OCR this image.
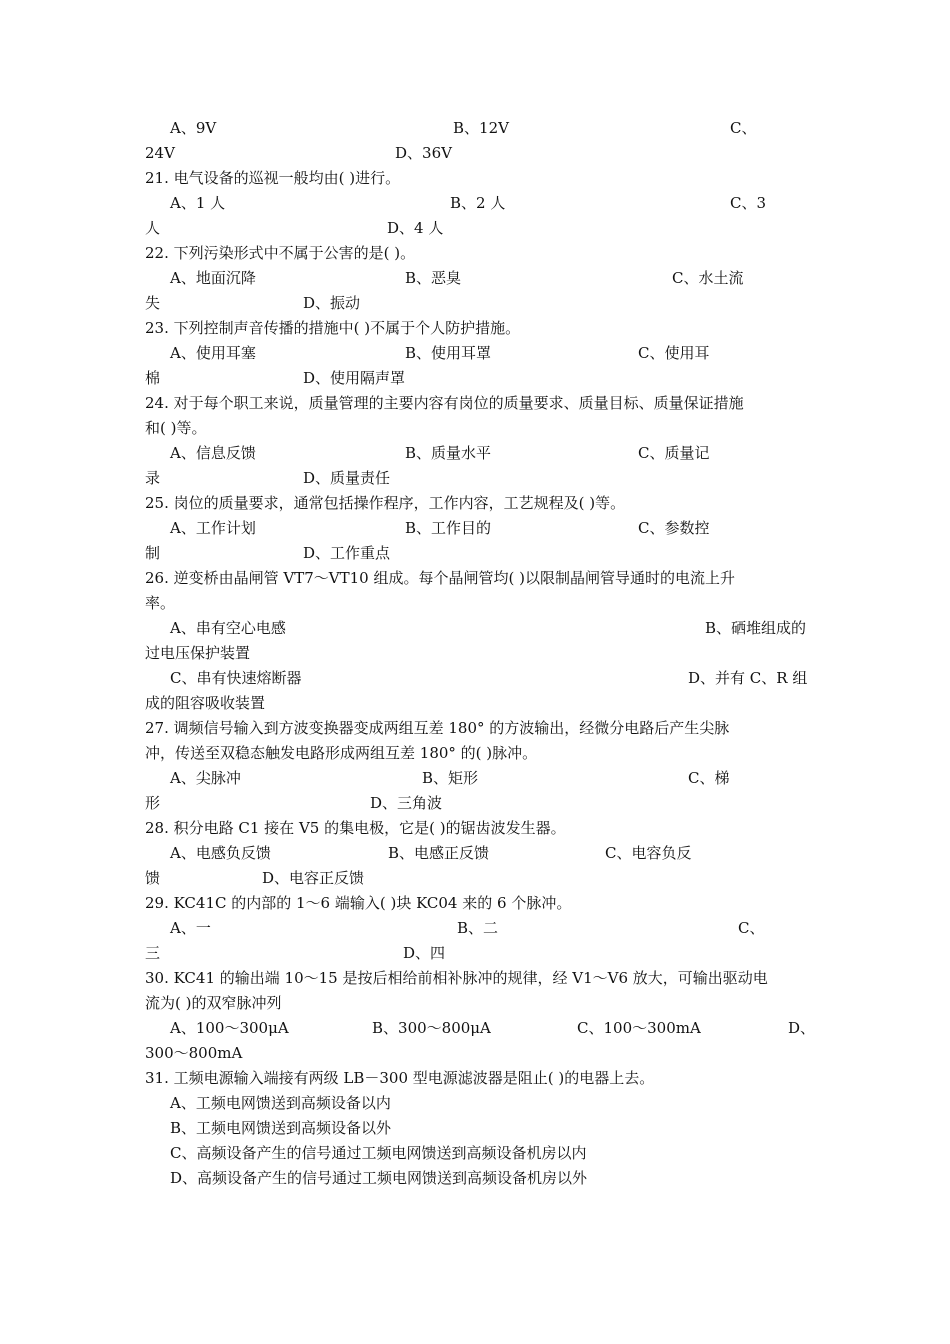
A、9V	B、12V	C、
24V	D、36V
21. 电气设备的巡视一般均由( )进行。
A、1 人	B、2 人	C、3
人	D、4 人
22. 下列污染形式中不属于公害的是( )。
A、地面沉降	B、恶臭	C、水土流
失	D、振动
23. 下列控制声音传播的措施中( )不属于个人防护措施。
A、使用耳塞	B、使用耳罩	C、使用耳
棉	D、使用隔声罩
24. 对于每个职工来说，质量管理的主要内容有岗位的质量要求、质量目标、质量保证措施
和( )等。
A、信息反馈	B、质量水平	C、质量记
录	D、质量责任
25. 岗位的质量要求，通常包括操作程序，工作内容，工艺规程及( )等。
A、工作计划	B、工作目的	C、参数控
制	D、工作重点
26. 逆变桥由晶闸管 VT7～VT10 组成。每个晶闸管均( )以限制晶闸管导通时的电流上升
率。
A、串有空心电感	B、硒堆组成的
过电压保护装置
C、串有快速熔断器	D、并有 C、R 组
成的阻容吸收装置
27. 调频信号输入到方波变换器变成两组互差 180° 的方波输出，经微分电路后产生尖脉
冲，传送至双稳态触发电路形成两组互差 180° 的( )脉冲。
A、尖脉冲	B、矩形	C、梯
形	D、三角波
28. 积分电路 C1 接在 V5 的集电极，它是( )的锯齿波发生器。
A、电感负反馈	B、电感正反馈	C、电容负反
馈	D、电容正反馈
29. KC41C 的内部的 1～6 端输入( )块 KC04 来的 6 个脉冲。
A、一	B、二	C、
三	D、四
30. KC41 的输出端 10～15 是按后相给前相补脉冲的规律，经 V1～V6 放大，可输出驱动电
流为( )的双窄脉冲列
A、100～300μA	B、300～800μA	C、100～300mA	D、
300～800mA
31. 工频电源输入端接有两级 LB－300 型电源滤波器是阻止( )的电器上去。
A、工频电网馈送到高频设备以内
B、工频电网馈送到高频设备以外
C、高频设备产生的信号通过工频电网馈送到高频设备机房以内
D、高频设备产生的信号通过工频电网馈送到高频设备机房以外
